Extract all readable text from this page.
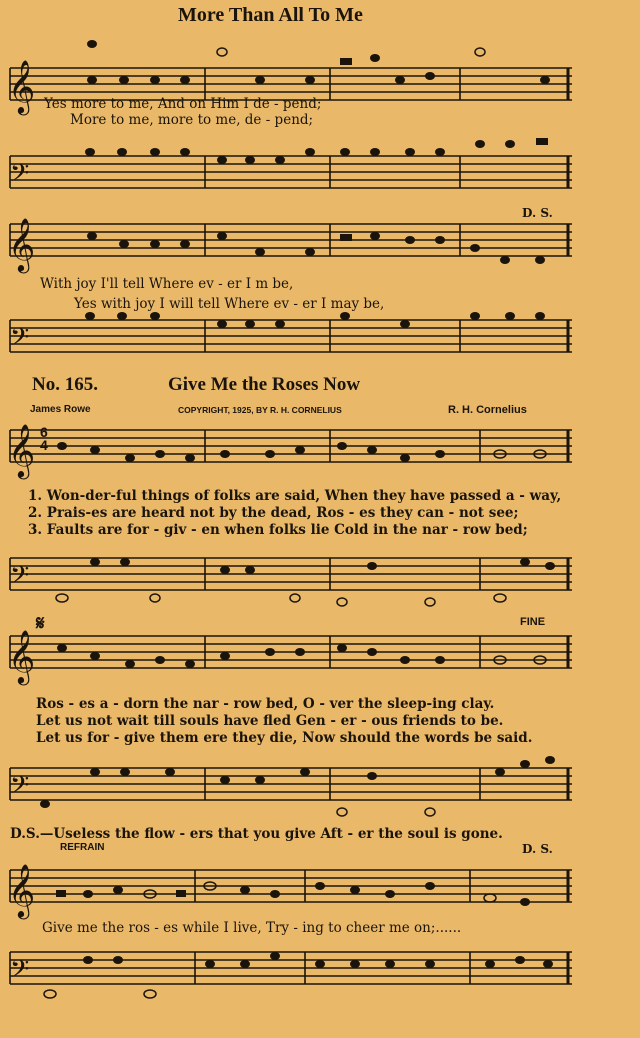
More Than All To Me
𝄞 Yes more to me, And on Him I de - pend;
More to me, more to me, de - pend;
𝄢
D. S.
𝄞
With joy I'll tell Where ev - er I m be,
Yes with joy I will tell Where ev - er I may be,
𝄢
No. 165.	Give Me the Roses Now
James Rowe	COPYRIGHT, 1925, BY R. H. CORNELIUS	R. H. Cornelius
𝄞 6
4
1. Won-der-ful things of folks are said, When they have passed a - way,
2. Prais-es are heard not by the dead, Ros - es they can - not see;
3. Faults are for - giv - en when folks lie Cold in the nar - row bed;
𝄢
FINE
𝄞
𝄋
Ros - es a - dorn the nar - row bed, O - ver the sleep-ing clay.
Let us not wait till souls have fled Gen - er - ous friends to be.
Let us for - give them ere they die, Now should the words be said.
𝄢
D.S.—Useless the flow - ers that you give Aft - er the soul is gone.
REFRAIN	D. S.
𝄞
Give me the ros - es while I live, Try - ing to cheer me on;......
𝄢
